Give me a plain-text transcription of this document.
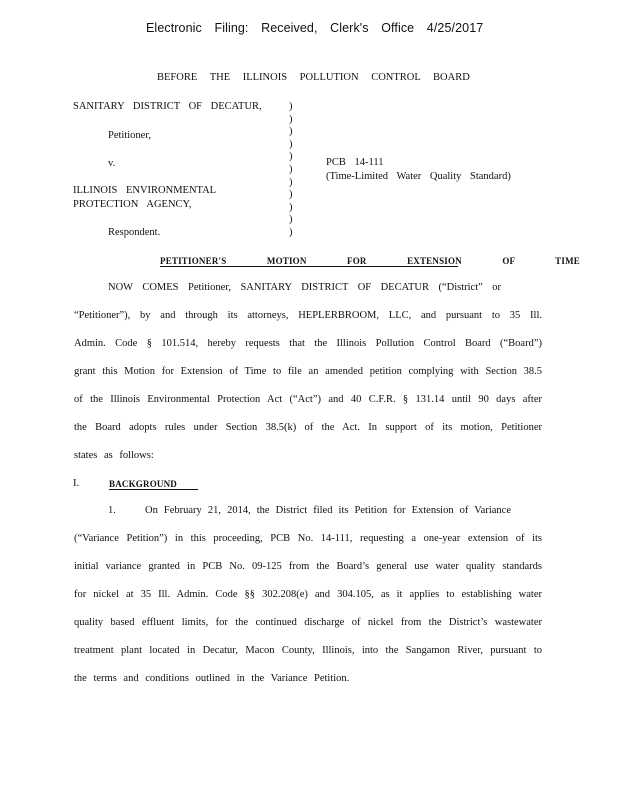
Electronic Filing: Received, Clerk's Office 4/25/2017
BEFORE THE ILLINOIS POLLUTION CONTROL BOARD
SANITARY DISTRICT OF DECATUR,
Petitioner,
v.
ILLINOIS ENVIRONMENTAL
PROTECTION AGENCY,
Respondent.
)
)
)
)
)
)
)
)
)
)
)
PCB 14-111
(Time-Limited Water Quality Standard)
PETITIONER'S MOTION FOR EXTENSION OF TIME
NOW COMES Petitioner, SANITARY DISTRICT OF DECATUR (“District” or
“Petitioner”), by and through its attorneys, HEPLERBROOM, LLC, and pursuant to 35 Ill.
Admin. Code § 101.514, hereby requests that the Illinois Pollution Control Board (“Board”)
grant this Motion for Extension of Time to file an amended petition complying with Section 38.5
of the Illinois Environmental Protection Act (“Act”) and 40 C.F.R. § 131.14 until 90 days after
the Board adopts rules under Section 38.5(k) of the Act. In support of its motion, Petitioner
states as follows:
I.	BACKGROUND
1.	On February 21, 2014, the District filed its Petition for Extension of Variance
(“Variance Petition”) in this proceeding, PCB No. 14-111, requesting a one-year extension of its
initial variance granted in PCB No. 09-125 from the Board’s general use water quality standards
for nickel at 35 Ill. Admin. Code §§ 302.208(e) and 304.105, as it applies to establishing water
quality based effluent limits, for the continued discharge of nickel from the District’s wastewater
treatment plant located in Decatur, Macon County, Illinois, into the Sangamon River, pursuant to
the terms and conditions outlined in the Variance Petition.
